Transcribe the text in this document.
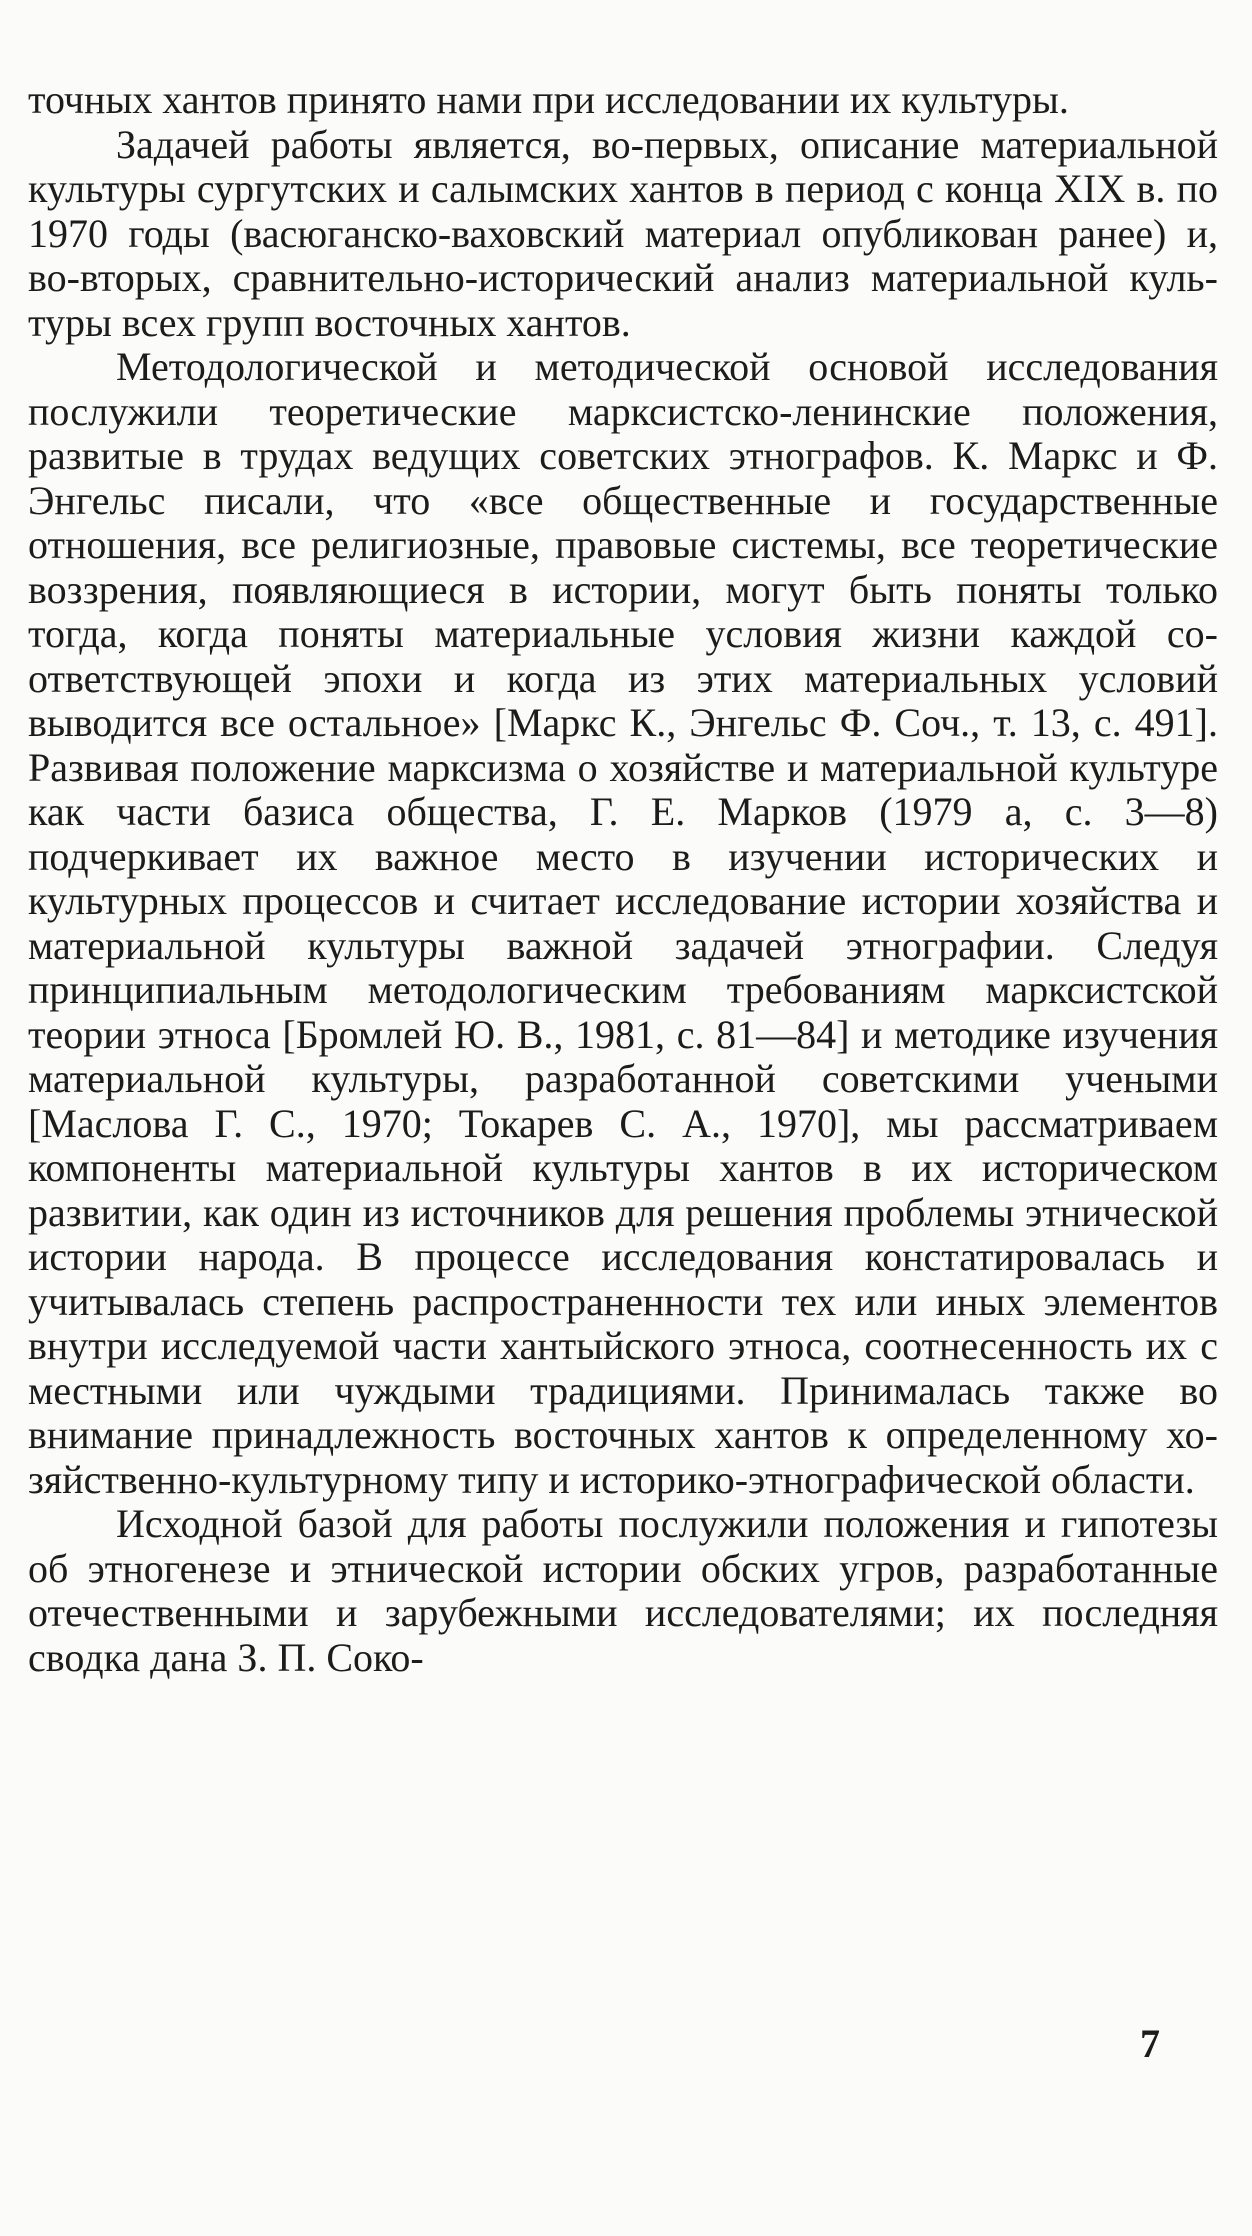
точных хантов принято нами при исследовании их культуры.

Задачей работы является, во-первых, описание материальной культуры сургутских и салымских хантов в период с конца XIX в. по 1970 годы (васюганско-ваховский материал опубликован ранее) и, во-вторых, сравнительно-исторический анализ материальной культуры всех групп восточных хантов.

Методологической и методической основой исследования послужили теоретические марксистско-ленинские положения, развитые в трудах ведущих советских этнографов. К. Маркс и Ф. Энгельс писали, что «все общественные и государственные отношения, все религиозные, правовые системы, все теоретические воззрения, появляющиеся в истории, могут быть поняты только тогда, когда поняты материальные условия жизни каждой соответствующей эпохи и когда из этих материальных условий выводится все остальное» [Маркс К., Энгельс Ф. Соч., т. 13, с. 491]. Развивая положение марксизма о хозяйстве и материальной культуре как части базиса общества, Г. Е. Марков (1979 а, с. 3—8) подчеркивает их важное место в изучении исторических и культурных процессов и считает исследование истории хозяйства и материальной культуры важной задачей этнографии. Следуя принципиальным методологическим требованиям марксистской теории этноса [Бромлей Ю. В., 1981, с. 81—84] и методике изучения материальной культуры, разработанной советскими учеными [Маслова Г. С., 1970; Токарев С. А., 1970], мы рассматриваем компоненты материальной культуры хантов в их историческом развитии, как один из источников для решения проблемы этнической истории народа. В процессе исследования констатировалась и учитывалась степень распространенности тех или иных элементов внутри исследуемой части хантыйского этноса, соотнесенность их с местными или чуждыми традициями. Принималась также во внимание принадлежность восточных хантов к определенному хозяйственно-культурному типу и историко-этнографической области.

Исходной базой для работы послужили положения и гипотезы об этногенезе и этнической истории обских угров, разработанные отечественными и зарубежными исследователями; их последняя сводка дана З. П. Соко-

7
